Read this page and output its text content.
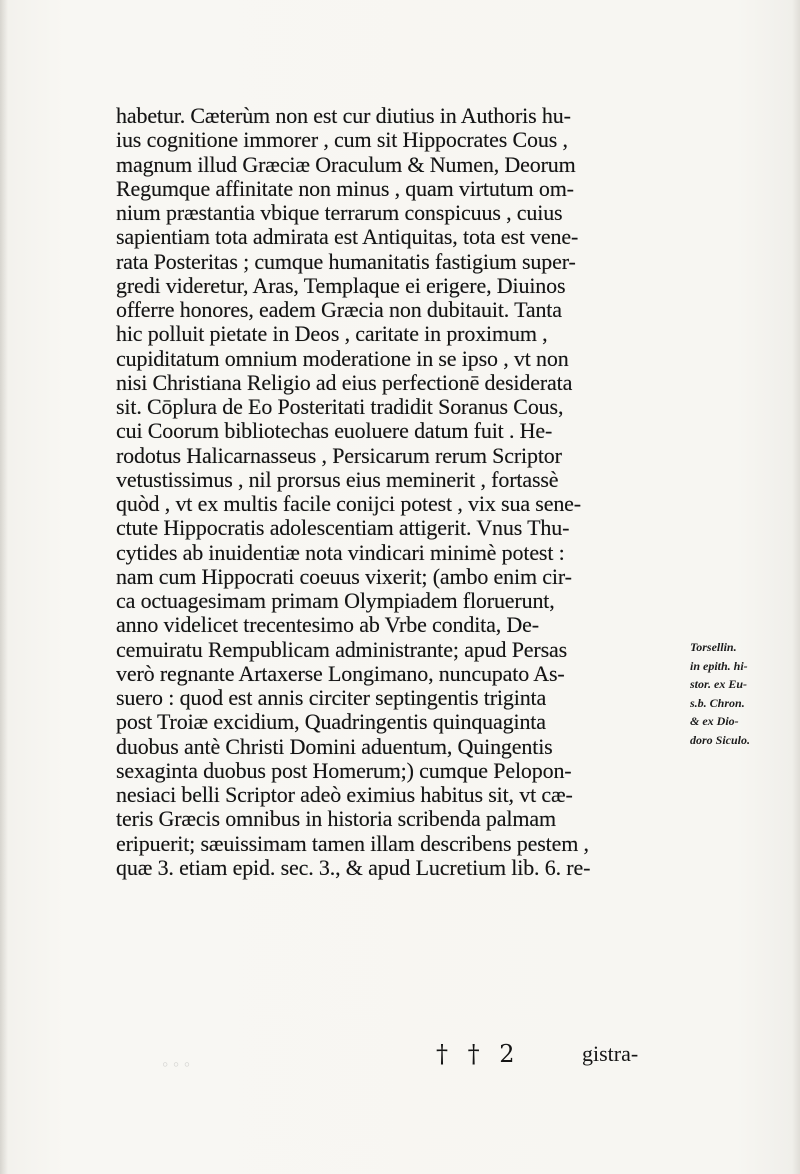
habetur. Cæterùm non est cur diutius in Authoris hu-
ius cognitione immorer , cum sit Hippocrates Cous ,
magnum illud Græciæ Oraculum & Numen, Deorum
Regumque affinitate non minus , quam virtutum om-
nium præstantia vbique terrarum conspicuus , cuius
sapientiam tota admirata est Antiquitas, tota est vene-
rata Posteritas ; cumque humanitatis fastigium super-
gredi videretur, Aras, Templaque ei erigere, Diuinos
offerre honores, eadem Græcia non dubitauit. Tanta
hic polluit pietate in Deos , caritate in proximum ,
cupiditatum omnium moderatione in se ipso , vt non
nisi Christiana Religio ad eius perfectionē desiderata
sit. Cōplura de Eo Posteritati tradidit Soranus Cous,
cui Coorum bibliotechas euoluere datum fuit . He-
rodotus Halicarnasseus , Persicarum rerum Scriptor
vetustissimus , nil prorsus eius meminerit , fortassè
quòd , vt ex multis facile conijci potest , vix sua sene-
ctute Hippocratis adolescentiam attigerit. Vnus Thu-
cytides ab inuidentiæ nota vindicari minimè potest :
nam cum Hippocrati coeuus vixerit; (ambo enim cir-
ca octuagesimam primam Olympiadem floruerunt,
anno videlicet trecentesimo ab Vrbe condita, De-
cemuiratu Rempublicam administrante; apud Persas
verò regnante Artaxerse Longimano, nuncupato As-
suero : quod est annis circiter septingentis triginta
post Troiæ excidium, Quadringentis quinquaginta
duobus antè Christi Domini aduentum, Quingentis
sexaginta duobus post Homerum;) cumque Pelopon-
nesiaci belli Scriptor adeò eximius habitus sit, vt cæ-
teris Græcis omnibus in historia scribenda palmam
eripuerit; sæuissimam tamen illam describens pestem ,
quæ 3. etiam epid. sec. 3., & apud Lucretium lib. 6. re-
Torsellin.
in epith. hi-
stor. ex Eu-
s.b. Chron.
& ex Dio-
doro Siculo.
† † 2	gistra-
◦ ◦ ◦
